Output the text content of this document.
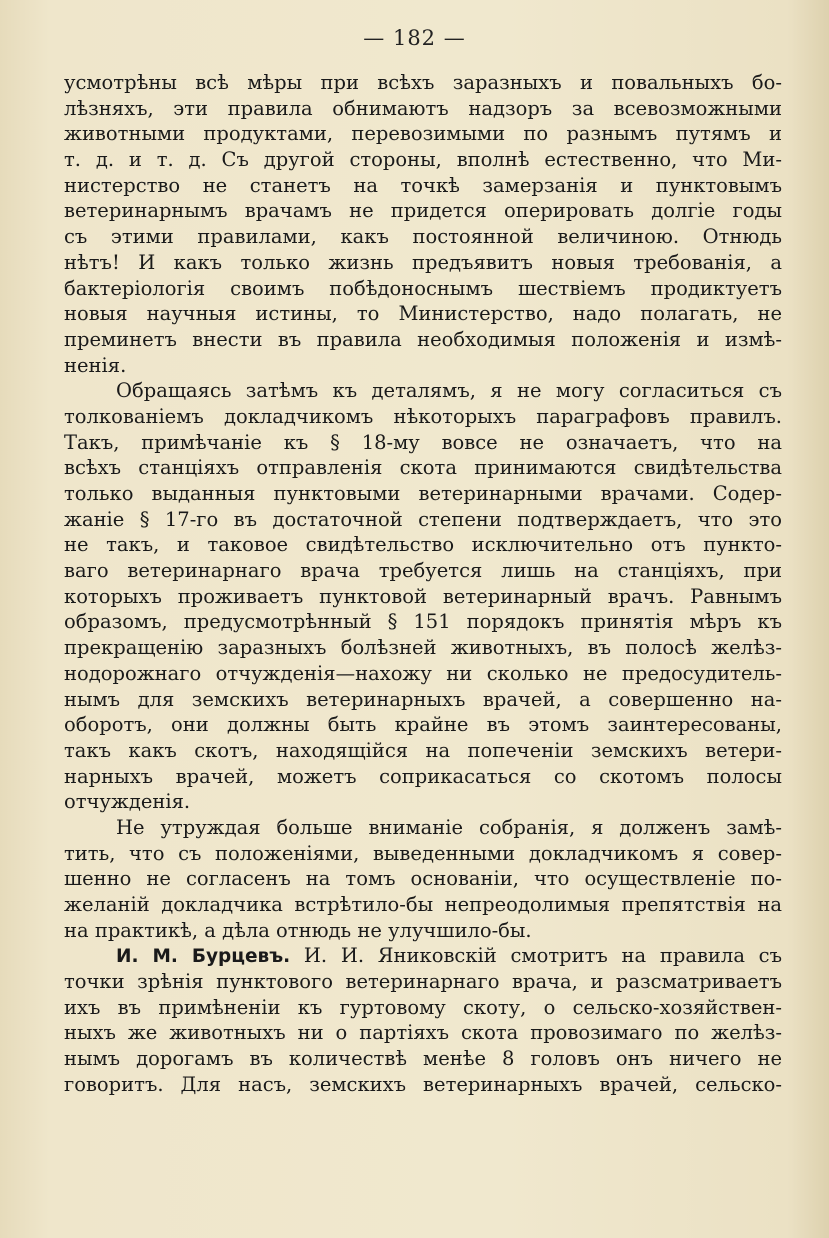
— 182 —
усмотрѣны всѣ мѣры при всѣхъ заразныхъ и повальныхъ бо-
лѣзняхъ, эти правила обнимаютъ надзоръ за всевозможными
животными продуктами, перевозимыми по разнымъ путямъ и
т. д. и т. д. Съ другой стороны, вполнѣ естественно, что Ми-
нистерство не станетъ на точкѣ замерзанія и пунктовымъ
ветеринарнымъ врачамъ не придется оперировать долгіе годы
съ этими правилами, какъ постоянной величиною. Отнюдь
нѣтъ! И какъ только жизнь предъявитъ новыя требованія, а
бактеріологія своимъ побѣдоноснымъ шествіемъ продиктуетъ
новыя научныя истины, то Министерство, надо полагать, не
преминетъ внести въ правила необходимыя положенія и измѣ-
ненія.
Обращаясь затѣмъ къ деталямъ, я не могу согласиться съ
толкованіемъ докладчикомъ нѣкоторыхъ параграфовъ правилъ.
Такъ, примѣчаніе къ § 18-му вовсе не означаетъ, что на
всѣхъ станціяхъ отправленія скота принимаются свидѣтельства
только выданныя пунктовыми ветеринарными врачами. Содер-
жаніе § 17-го въ достаточной степени подтверждаетъ, что это
не такъ, и таковое свидѣтельство исключительно отъ пункто-
ваго ветеринарнаго врача требуется лишь на станціяхъ, при
которыхъ проживаетъ пунктовой ветеринарный врачъ. Равнымъ
образомъ, предусмотрѣнный § 151 порядокъ принятія мѣръ къ
прекращенію заразныхъ болѣзней животныхъ, въ полосѣ желѣз-
нодорожнаго отчужденія—нахожу ни сколько не предосудитель-
нымъ для земскихъ ветеринарныхъ врачей, а совершенно на-
оборотъ, они должны быть крайне въ этомъ заинтересованы,
такъ какъ скотъ, находящійся на попеченіи земскихъ ветери-
нарныхъ врачей, можетъ соприкасаться со скотомъ полосы
отчужденія.
Не утруждая больше вниманіе собранія, я долженъ замѣ-
тить, что съ положеніями, выведенными докладчикомъ я совер-
шенно не согласенъ на томъ основаніи, что осуществленіе по-
желаній докладчика встрѣтило-бы непреодолимыя препятствія на
на практикѣ, а дѣла отнюдь не улучшило-бы.
И. М. Бурцевъ. И. И. Яниковскій смотритъ на правила съ
точки зрѣнія пунктового ветеринарнаго врача, и разсматриваетъ
ихъ въ примѣненіи къ гуртовому скоту, о сельско-хозяйствен-
ныхъ же животныхъ ни о партіяхъ скота провозимаго по желѣз-
нымъ дорогамъ въ количествѣ менѣе 8 головъ онъ ничего не
говоритъ. Для насъ, земскихъ ветеринарныхъ врачей, сельско-
